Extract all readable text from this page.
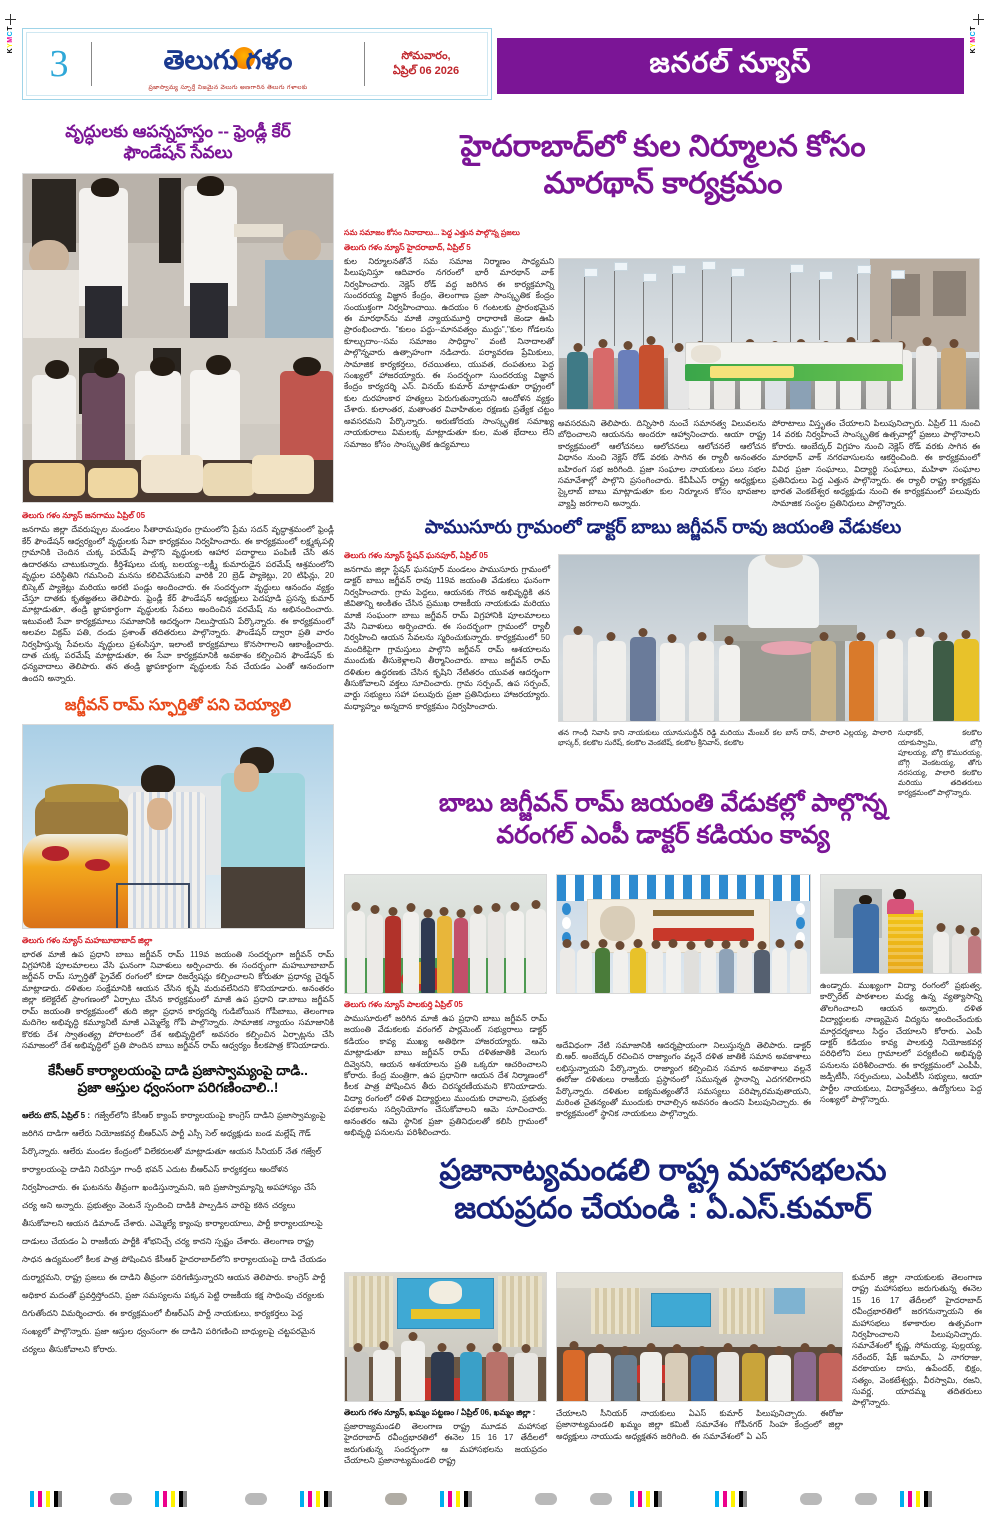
KYMCT
KYMCT
3	తెలుగు గళం
ప్రజాస్వామ్య స్ఫూర్తే నిజమైన వెలుగు అణగారిన తెలుగు గళాలకు
సోమవారం,
ఏప్రిల్ 06 2026	జనరల్ న్యూస్
వృద్ధులకు ఆపన్నహస్తం -- ఫ్రెండ్లీ కేర్
ఫౌండేషన్ సేవలు
తెలుగు గళం న్యూస్ జనగాము ఏప్రిల్ 05
జనగామ జిల్లా దేవరుప్పుల మండలం సీతారామపురం గ్రామంలోని ప్రేమ సదన్ వృద్ధాశ్రమంలో ఫ్రెండ్లీ కేర్ ఫౌండేషన్ ఆధ్వర్యంలో వృద్ధులకు సేవా కార్యక్రమం నిర్వహించారు. ఈ కార్యక్రమంలో లక్ష్మక్కపల్లి గ్రామానికి చెందిన చుక్క పరమేష్ పాల్గొని వృద్ధులకు ఆహార పదార్థాలు పంపిణీ చేసి తన ఉదారతను చాటుకున్నారు. కీర్తిశేషులు చుక్క బలయ్య--లక్ష్మీ కుమారుడైన పరమేష్ ఆశ్రమంలోని వృద్ధుల పరిస్థితిని గమనించి మనసు కలిచివేసుకుని వారికి 20 బ్రెడ్ ప్యాకెట్లు, 20 టిఫిన్లు, 20 బిస్కెట్ ప్యాకెట్లు మరియు అరటి పండ్లు అందించారు. ఈ సందర్భంగా వృద్ధులు ఆనందం వ్యక్తం చేస్తూ దాతకు కృతజ్ఞతలు తెలిపారు. ఫ్రెండ్లీ కేర్ ఫౌండేషన్ అధ్యక్షులు పెదపూడి ప్రసన్న కుమార్ మాట్లాడుతూ, తండ్రి జ్ఞాపకార్థంగా వృద్ధులకు సేవలు అందించిన పరమేష్ ను అభినందించారు. ఇటువంటి సేవా కార్యక్రమాలు సమాజానికి ఆదర్శంగా నిలుస్తాయని పేర్కొన్నారు. ఈ కార్యక్రమంలో అలవల విక్రమ్ పతి, దండు ప్రశాంత్ తదితరులు పాల్గొన్నారు. ఫౌండేషన్ ద్వారా ప్రతి వారం నిర్వహిస్తున్న సేవలను వృద్ధులు ప్రశంసిస్తూ, ఇలాంటి కార్యక్రమాలు కొనసాగాలని ఆకాంక్షించారు. దాత చుక్క పరమేష్ మాట్లాడుతూ, ఈ సేవా కార్యక్రమానికి అవకాశం కల్పించిన ఫౌండేషన్ కు ధన్యవాదాలు తెలిపారు. తన తండ్రి జ్ఞాపకార్థంగా వృద్ధులకు సేవ చేయడం ఎంతో ఆనందంగా ఉందని అన్నారు.
జగ్జీవన్ రామ్ స్ఫూర్తితో పని చెయ్యాలి
తెలుగు గళం న్యూస్ మహబూబాబాద్ జిల్లా
భారత మాజీ ఉప ప్రధాని బాబు జగ్జీవన్ రామ్ 119వ జయంతి సందర్భంగా జగ్జీవన్ రామ్ విగ్రహానికి పూలమాలలు వేసి ఘనంగా నివాళులు అర్పించారు. ఈ సందర్భంగా మహబూబాబాద్ జగ్జీవన్ రామ్ స్ఫూర్తితో ప్రైవేట్ రంగంలో కూడా రిజర్వేషన్లు కల్పించాలని కోరుతూ ప్రధాన్య చైర్మన్ మాట్లాడారు. దళితుల సంక్షేమానికి ఆయన చేసిన కృషి మరువలేనిదని కొనియాడారు. అనంతరం జిల్లా కలెక్టరేట్ ప్రాంగణంలో ఏర్పాటు చేసిన కార్యక్రమంలో మాజీ ఉప ప్రధాని డా.బాబు జగ్జీవన్ రామ్ జయంతి కార్యక్రమంలో తుది జిల్లా ప్రధాన కార్యదర్శి గుడిబోయిన గోపీబాబు, తెలంగాణ మదిగెల అభివృద్ధి కమ్యూనిటీ మాజీ ఎమ్మెల్యే గోపీ పాల్గొన్నారు. సామాజిక న్యాయం సమాజానికి కొరకు దేశ స్వాతంత్య్ర పోరాటంలో దేశ అభివృద్ధిలో అవసరం కల్పించిన ఏర్పాట్లను చేసి సమాజంలో దేశ అభివృద్ధిలో ప్రతి పొందిన బాబు జగ్జీవన్ రామ్ ఆధ్వర్యం కీలకపాత్ర కొనియాడారు.
కేసీఆర్ కార్యాలయంపై దాడి ప్రజాస్వామ్యంపై దాడి..
ప్రజా ఆస్తుల ధ్వంసంగా పరిగణించాలి..!
ఆలేరు టౌన్, ఏప్రిల్ 5 : గజ్వేల్‌లోని కేసీఆర్ క్యాంప్ కార్యాలయంపై కాంగ్రెస్ దాడిని ప్రజాస్వామ్యంపై జరిగిన దాడిగా ఆలేరు నియోజకవర్గ బీఆర్ఎస్ పార్టీ ఎస్సీ సెల్ అధ్యక్షుడు బండ మల్లేష్ గౌడ్ పేర్కొన్నారు. ఆలేరు మండల కేంద్రంలో విలేకరులతో మాట్లాడుతూ ఆయన సీనియర్ నేత గజ్వేల్ కార్యాలయంపై దాడిని నిరసిస్తూ గాంధీ భవన్ ఎదుట బీఆర్ఎస్ కార్యకర్తలు ఆందోళన నిర్వహించారు. ఈ ఘటనను తీవ్రంగా ఖండిస్తున్నామని, ఇది ప్రజాస్వామ్యాన్ని అపహాస్యం చేసే చర్య అని అన్నారు. ప్రభుత్వం వెంటనే స్పందించి దాడికి పాల్పడిన వారిపై కఠిన చర్యలు తీసుకోవాలని ఆయన డిమాండ్ చేశారు. ఎమ్మెల్యే క్యాంపు కార్యాలయాలు, పార్టీ కార్యాలయాలపై దాడులు చేయడం ఏ రాజకీయ పార్టీకి శోభనిచ్చే చర్య కాదని స్పష్టం చేశారు. తెలంగాణ రాష్ట్ర సాధన ఉద్యమంలో కీలక పాత్ర పోషించిన కేసీఆర్ హైదరాబాద్‌లోని కార్యాలయంపై దాడి చేయడం దుర్మార్గమని, రాష్ట్ర ప్రజలు ఈ దాడిని తీవ్రంగా పరిగణిస్తున్నారని ఆయన తెలిపారు. కాంగ్రెస్ పార్టీ అధికార మదంతో ప్రవర్తిస్తోందని, ప్రజా సమస్యలను పక్కన పెట్టి రాజకీయ కక్ష సాధింపు చర్యలకు దిగుతోందని విమర్శించారు. ఈ కార్యక్రమంలో బీఆర్ఎస్ పార్టీ నాయకులు, కార్యకర్తలు పెద్ద సంఖ్యలో పాల్గొన్నారు. ప్రజా ఆస్తుల ధ్వంసంగా ఈ దాడిని పరిగణించి బాధ్యులపై చట్టపరమైన చర్యలు తీసుకోవాలని కోరారు.
హైదరాబాద్‌లో కుల నిర్మూలన కోసం
మారథాన్ కార్యక్రమం
సమ సమాజం కోసం నినాదాలు... పెద్ద ఎత్తున పాల్గొన్న ప్రజలు
తెలుగు గళం న్యూస్ హైదరాబాద్, ఏప్రిల్ 5
కుల నిర్మూలనతోనే సమ సమాజ నిర్మాణం సాధ్యమని పిలుపునిస్తూ ఆదివారం నగరంలో భారీ మారథాన్ వాక్ నిర్వహించారు. నెక్లెస్ రోడ్ వద్ద జరిగిన ఈ కార్యక్రమాన్ని సుందరయ్య విజ్ఞాన కేంద్రం, తెలంగాణ ప్రజా సాంస్కృతిక కేంద్రం సంయుక్తంగా నిర్వహించాయి. ఉదయం 6 గంటలకు ప్రారంభమైన ఈ మారథాన్‌ను మాజీ న్యాయమూర్తి రాధారాణి జెండా ఊపి ప్రారంభించారు. "కులం పద్దు--మానవత్వం ముద్దు","కుల గోడలను కూల్చుదాం--సమ సమాజం సాధిద్దాం" వంటి నినాదాలతో పాల్గొన్నవారు ఉత్సాహంగా నడిచారు. పర్యావరణ ప్రేమికులు, సామాజిక కార్యకర్తలు, రచయితలు, యువత, దంపతులు పెద్ద సంఖ్యలో హాజరయ్యారు. ఈ సందర్భంగా సుందరయ్య విజ్ఞాన కేంద్రం కార్యదర్శి ఎస్. వినయ్ కుమార్ మాట్లాడుతూ రాష్ట్రంలో కుల దురహంకార హత్యలు పెరుగుతున్నాయని ఆందోళన వ్యక్తం చేశారు. కులాంతర, మతాంతర వివాహితుల రక్షణకు ప్రత్యేక చట్టం అవసరమని పేర్కొన్నారు. అరుణోదయ సాంస్కృతిక సమాఖ్య నాయకురాలు విమలక్క మాట్లాడుతూ కుల, మత భేదాలు లేని సమాజం కోసం సాంస్కృతిక ఉద్యమాలు
అవసరమని తెలిపారు. దిన్నిసారి నుంచే సమానత్వ విలువలను బోధించాలని ఆయనను అందరూ ఆహ్వానించారు. ఆయా రాష్ట్ర కార్యక్రమంలో ఆలోచనలు ఆలోచనలు ఆలోచనలే ఆలోచన విధానం నుంచి నెక్లెస్ రోడ్ వరకు సాగిన ఈ ర్యాలీ అనంతరం బహిరంగ సభ జరిగింది. ప్రజా సంఘాల నాయకులు పలు సభల సమావేశాల్లో పాల్గొని ప్రసంగించారు. కేవీపీఎస్ రాష్ట్ర అధ్యక్షులు స్కైలాబ్ బాబు మాట్లాడుతూ కుల నిర్మూలన కోసం భావజాల వ్యాప్తి జరగాలని అన్నారు.
పోరాటాలు విస్తృతం చేయాలని పిలుపునిచ్చారు. ఏప్రిల్ 11 నుంచి 14 వరకు నిర్వహించే సాంస్కృతిక ఉత్సవాల్లో ప్రజలు పాల్గొనాలని కోరారు. ఆంబేద్కర్ విగ్రహం నుంచి నెక్లెస్ రోడ్ వరకు సాగిన ఈ మారథాన్ వాక్ నగరవాసులను ఆకర్షించింది. ఈ కార్యక్రమంలో వివిధ ప్రజా సంఘాలు, విద్యార్థి సంఘాలు, మహిళా సంఘాల ప్రతినిధులు పెద్ద ఎత్తున పాల్గొన్నారు. ఈ ర్యాలీ రాష్ట్ర కార్యక్రమ భారత వెంకటేశ్వర అధ్యక్షుడు నుంచి ఈ కార్యక్రమంలో పలువురు సామాజిక సంస్థల ప్రతినిధులు పాల్గొన్నారు.
పాముసూరు గ్రామంలో డాక్టర్ బాబు జగ్జీవన్ రావు జయంతి వేడుకలు
తెలుగు గళం న్యూస్ స్టేషన్ ఘనపూర్, ఏప్రిల్ 05
జనగామ జిల్లా స్టేషన్ ఘనపూర్ మండలం పాముసూరు గ్రామంలో డాక్టర్ బాబు జగ్జీవన్ రావు 119వ జయంతి వేడుకలు ఘనంగా నిర్వహించారు. గ్రామ పెద్దలు, ఆయనకు గౌరవ అభివృద్ధికి తన జీవితాన్ని అంకితం చేసిన ప్రముఖ రాజకీయ నాయకుడు మరియు మాజీ సంఘంగా బాబు జగ్జీవన్ రామ్ విగ్రహానికి పూలమాలలు వేసి నివాళులు అర్పించారు. ఈ సందర్భంగా గ్రామంలో ర్యాలీ నిర్వహించి ఆయన సేవలను స్మరించుకున్నారు. కార్యక్రమంలో 50 మందికిపైగా గ్రామస్తులు పాల్గొని జగ్జీవన్ రామ్ ఆశయాలను ముందుకు తీసుకెళ్లాలని తీర్మానించారు. బాబు జగ్జీవన్ రామ్ దళితుల ఉద్ధరణకు చేసిన కృషిని నేటితరం యువత ఆదర్శంగా తీసుకోవాలని వక్తలు సూచించారు. గ్రామ సర్పంచ్, ఉప సర్పంచ్, వార్డు సభ్యులు సహా పలువురు ప్రజా ప్రతినిధులు హాజరయ్యారు. మధ్యాహ్నం అన్నదాన కార్యక్రమం నిర్వహించారు.
తన గాంధీ నివాసి కాని నాయకులు యూనుసుద్దీన్ రెడ్డి మరియు మేంబర్ కల బాస్ దాస్, పాలారి ఎల్లయ్య, పాలారి భాస్కర్, కలకొల సురేష్, కలకొల వెంకటేష్, కలకొల శ్రీనివాస్, కలకొల
సుధాకర్, కలకొల యాకుస్వామి, బోగ్గి పూలయ్య, బోగ్గి కొమురయ్య, బోగ్గి వెంకటయ్య, తోగు నరసయ్య, పాలారి కలకొల మరియు తదితరులు కార్యక్రమంలో పాల్గొన్నారు.
బాబు జగ్జీవన్ రామ్ జయంతి వేడుకల్లో పాల్గొన్న
వరంగల్ ఎంపీ డాక్టర్ కడియం కావ్య
తెలుగు గళం న్యూస్ పాలకుర్తి ఏప్రిల్ 05
పాముసూరులో జరిగిన మాజీ ఉప ప్రధాని బాబు జగ్జీవన్ రామ్ జయంతి వేడుకలకు వరంగల్ పార్లమెంట్ సభ్యురాలు డాక్టర్ కడియం కావ్య ముఖ్య అతిథిగా హాజరయ్యారు. ఆమె మాట్లాడుతూ బాబు జగ్జీవన్ రామ్ దళితజాతికి వెలుగు దివ్వెనని, ఆయన ఆశయాలను ప్రతి ఒక్కరూ ఆచరించాలని కోరారు. కేంద్ర మంత్రిగా, ఉప ప్రధానిగా ఆయన దేశ నిర్మాణంలో కీలక పాత్ర పోషించిన తీరు చిరస్మరణీయమని కొనియాడారు. విద్యా రంగంలో దళిత విద్యార్థులు ముందుకు రావాలని, ప్రభుత్వ పథకాలను సద్వినియోగం చేసుకోవాలని ఆమె సూచించారు. అనంతరం ఆమె స్థానిక ప్రజా ప్రతినిధులతో కలిసి గ్రామంలో అభివృద్ధి పనులను పరిశీలించారు.
అదేవిధంగా నేటి సమాజానికి ఆదర్శప్రాయంగా నిలుస్తున్నది తెలిపారు. డాక్టర్ బి.ఆర్. అంబేద్కర్ రచించిన రాజ్యాంగం వల్లనే దళిత జాతికి సమాన అవకాశాలు లభిస్తున్నాయని పేర్కొన్నారు. రాజ్యాంగ కల్పించిన సమాన అవకాశాలు వల్లనే ఈరోజు దళితులు రాజకీయ ప్రస్థానంలో సమున్నత స్థానాన్ని ఎదగగలిగారని పేర్కొన్నారు. దళితుల ఐక్యమత్యంతోనే సమస్యలు పరిష్కారమవుతాయని, మరింత చైతన్యంతో ముందుకు రావాల్సిన అవసరం ఉందని పిలుపునిచ్చారు. ఈ కార్యక్రమంలో స్థానిక నాయకులు పాల్గొన్నారు.
ఉండ్నారు. ముఖ్యంగా విద్యా రంగంలో ప్రభుత్వ, కార్పొరేట్ పాఠశాలల మధ్య ఉన్న వ్యత్యాసాన్ని తొలగించాలని ఆయన అన్నారు. దళిత విద్యార్థులకు నాణ్యమైన విద్యను అందించేందుకు మార్గదర్శకాలు సిద్ధం చేయాలని కోరారు. ఎంపీ డాక్టర్ కడియం కావ్య పాలకుర్తి నియోజకవర్గ పరిధిలోని పలు గ్రామాలలో పర్యటించి అభివృద్ధి పనులను పరిశీలించారు. ఈ కార్యక్రమంలో ఎంపీపీ, జడ్పీటీసీ, సర్పంచులు, ఎంపీటీసీ సభ్యులు, ఆయా పార్టీల నాయకులు, విద్యావేత్తలు, ఉద్యోగులు పెద్ద సంఖ్యలో పాల్గొన్నారు.
ప్రజానాట్యమండలి రాష్ట్ర మహాసభలను
జయప్రదం చేయండి : ఏ.ఎస్.కుమార్
తెలుగు గళం న్యూస్, ఖమ్మం పట్టణం / ఏప్రిల్ 06, ఖమ్మం జిల్లా :
ప్రజారాజ్యమండలి తెలంగాణ రాష్ట్ర మూడవ మహాసభ హైదరాబాద్ రవీంద్రభారతిలో ఈనెల 15 16 17 తేదీలలో జరుగుతున్న సందర్భంగా ఆ మహాసభలను జయప్రదం చేయాలని ప్రజానాట్యమండలి రాష్ట్ర
చేయాలని సీనియర్ నాయకులు ఏఎస్ కుమార్ పిలుపునిచ్చారు. ఈరోజు ప్రజానాట్యమండలి ఖమ్మం జిల్లా కమిటీ సమావేశం గోపీనగర్ సింహ కేంద్రంలో జిల్లా అధ్యక్షులు నాయుడు అధ్యక్షతన జరిగింది. ఈ సమావేశంలో ఏ ఎస్
కుమార్ జిల్లా నాయకులకు తెలంగాణ రాష్ట్ర మహాసభలు జరుగుతున్న ఈనెల 15 16 17 తేదీలలో హైదరాబాద్ రవీంద్రభారతిలో జరగనున్నాయని ఈ మహాసభలు కళాకారుల ఉత్సవంగా నిర్వహించాలని పిలుపునిచ్చారు. సమావేశంలో కృష్ణ, సోమయ్య, పుల్లయ్య, నరేందర్, షేక్ ఇమామ్, ఏ నాగరాజు, వరకాయల దాసు, ఉపేందర్, భిక్షం, సత్యం, వెంకటేశ్వర్లు, వీరస్వామి, రజని, సువర్ణ, యాదమ్మ తదితరులు పాల్గొన్నారు.
